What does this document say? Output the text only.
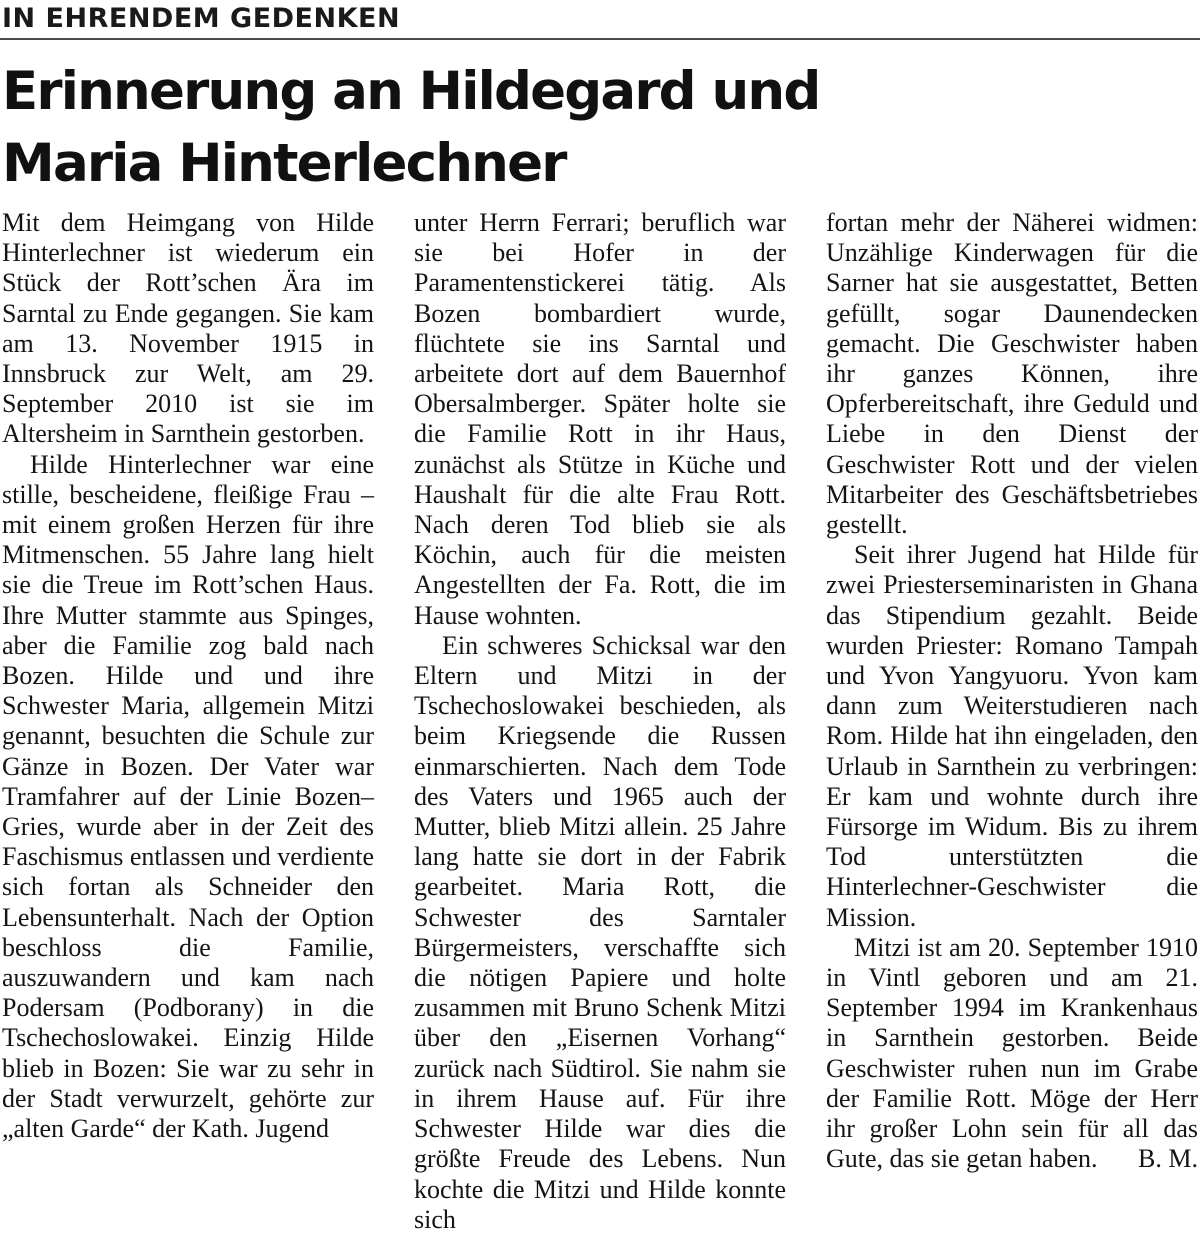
IN EHRENDEM GEDENKEN
Erinnerung an Hildegard und
Maria Hinterlechner

Mit dem Heimgang von Hilde Hinterlechner ist wiederum ein Stück der Rott’schen Ära im Sarntal zu Ende gegangen. Sie kam am 13. November 1915 in Innsbruck zur Welt, am 29. September 2010 ist sie im Altersheim in Sarnthein gestorben.

Hilde Hinterlechner war eine stille, bescheidene, fleißige Frau – mit einem großen Herzen für ihre Mitmenschen. 55 Jahre lang hielt sie die Treue im Rott’schen Haus. Ihre Mutter stammte aus Spinges, aber die Familie zog bald nach Bozen. Hilde und und ihre Schwester Maria, allgemein Mitzi genannt, besuchten die Schule zur Gänze in Bozen. Der Vater war Tramfahrer auf der Linie Bozen–Gries, wurde aber in der Zeit des Faschismus entlassen und verdiente sich fortan als Schneider den Lebensunterhalt. Nach der Option beschloss die Familie, auszuwandern und kam nach Podersam (Podborany) in die Tschechoslowakei. Einzig Hilde blieb in Bozen: Sie war zu sehr in der Stadt verwurzelt, gehörte zur „alten Garde“ der Kath. Jugend

unter Herrn Ferrari; beruflich war sie bei Hofer in der Paramentenstickerei tätig. Als Bozen bombardiert wurde, flüchtete sie ins Sarntal und arbeitete dort auf dem Bauernhof Obersalmberger. Später holte sie die Familie Rott in ihr Haus, zunächst als Stütze in Küche und Haushalt für die alte Frau Rott. Nach deren Tod blieb sie als Köchin, auch für die meisten Angestellten der Fa. Rott, die im Hause wohnten.

Ein schweres Schicksal war den Eltern und Mitzi in der Tschechoslowakei beschieden, als beim Kriegsende die Russen einmarschierten. Nach dem Tode des Vaters und 1965 auch der Mutter, blieb Mitzi allein. 25 Jahre lang hatte sie dort in der Fabrik gearbeitet. Maria Rott, die Schwester des Sarntaler Bürgermeisters, verschaffte sich die nötigen Papiere und holte zusammen mit Bruno Schenk Mitzi über den „Eisernen Vorhang“ zurück nach Südtirol. Sie nahm sie in ihrem Hause auf. Für ihre Schwester Hilde war dies die größte Freude des Lebens. Nun kochte die Mitzi und Hilde konnte sich

fortan mehr der Näherei widmen: Unzählige Kinderwagen für die Sarner hat sie ausgestattet, Betten gefüllt, sogar Daunendecken gemacht. Die Geschwister haben ihr ganzes Können, ihre Opferbereitschaft, ihre Geduld und Liebe in den Dienst der Geschwister Rott und der vielen Mitarbeiter des Geschäftsbetriebes gestellt.

Seit ihrer Jugend hat Hilde für zwei Priesterseminaristen in Ghana das Stipendium gezahlt. Beide wurden Priester: Romano Tampah und Yvon Yangyuoru. Yvon kam dann zum Weiterstudieren nach Rom. Hilde hat ihn eingeladen, den Urlaub in Sarnthein zu verbringen: Er kam und wohnte durch ihre Fürsorge im Widum. Bis zu ihrem Tod unterstützten die Hinterlechner-Geschwister die Mission.

Mitzi ist am 20. September 1910 in Vintl geboren und am 21. September 1994 im Krankenhaus in Sarnthein gestorben. Beide Geschwister ruhen nun im Grabe der Familie Rott. Möge der Herr ihr großer Lohn sein für all das Gute, das sie getan haben.	B. M.
